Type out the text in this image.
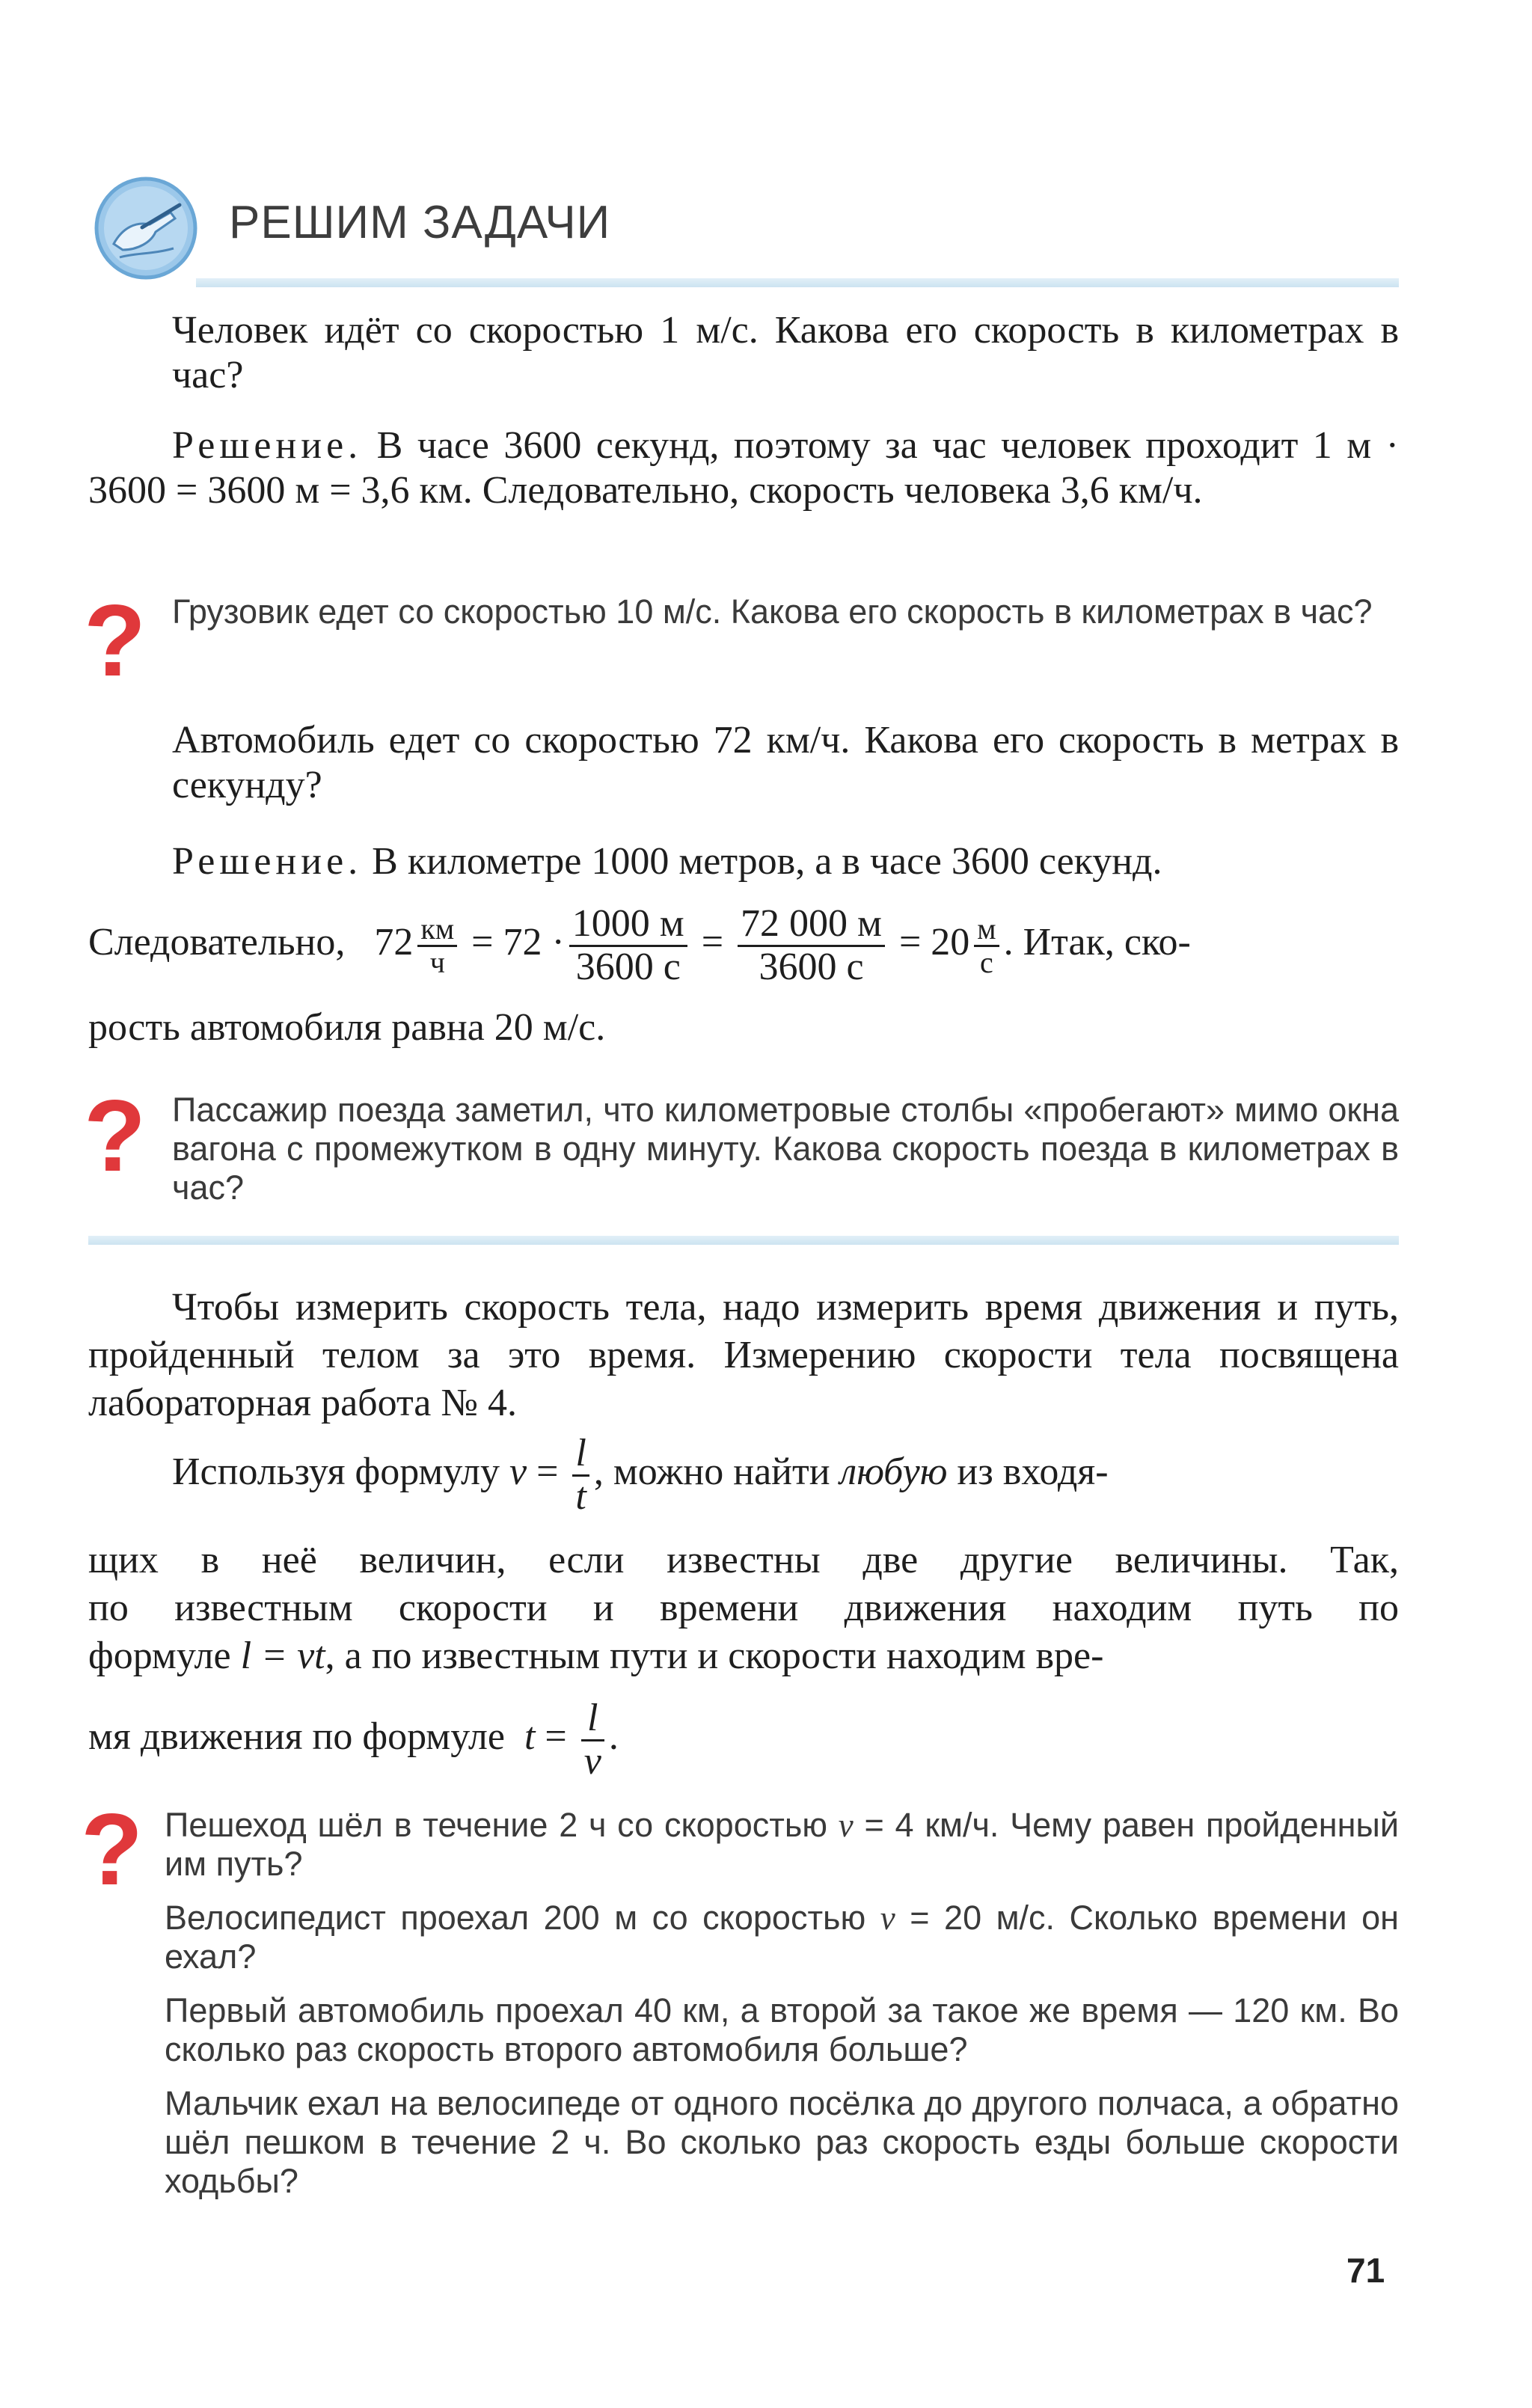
РЕШИМ ЗАДАЧИ
Человек идёт со скоростью 1 м/с. Какова его скорость в километрах в час?
Решение. В часе 3600 секунд, поэтому за час человек проходит 1 м · 3600 = 3600 м = 3,6 км. Следовательно, скорость человека 3,6 км/ч.
? Грузовик едет со скоростью 10 м/с. Какова его скорость в километрах в час?
Автомобиль едет со скоростью 72 км/ч. Какова его скорость в метрах в секунду?
Решение. В километре 1000 метров, а в часе 3600 секунд.
Следовательно, $72 \frac{км}{ч} = 72 \cdot \frac{1000 м}{3600 с} = \frac{72 000 м}{3600 с} = 20 \frac{м}{с}$ . Итак, ско-
рость автомобиля равна 20 м/с.
? Пассажир поезда заметил, что километровые столбы «пробегают» мимо окна вагона с промежутком в одну минуту. Какова скорость поезда в километрах в час?
Чтобы измерить скорость тела, надо измерить время движения и путь, пройденный телом за это время. Измерению скорости тела посвящена лабораторная работа № 4.
Используя формулу $v = \frac{l}{t}$ , можно найти любую из входя-
щих в неё величин, если известны две другие величины. Так,
по известным скорости и времени движения находим путь по
формуле l = vt, а по известным пути и скорости находим вре-
мя движения по формуле $t = \frac{l}{v}$ .
? Пешеход шёл в течение 2 ч со скоростью v = 4 км/ч. Чему равен пройденный им путь?
Велосипедист проехал 200 м со скоростью v = 20 м/с. Сколько времени он ехал?
Первый автомобиль проехал 40 км, а второй за такое же время — 120 км. Во сколько раз скорость второго автомобиля больше?
Мальчик ехал на велосипеде от одного посёлка до другого полчаса, а обратно шёл пешком в течение 2 ч. Во сколько раз скорость езды больше скорости ходьбы?
71
